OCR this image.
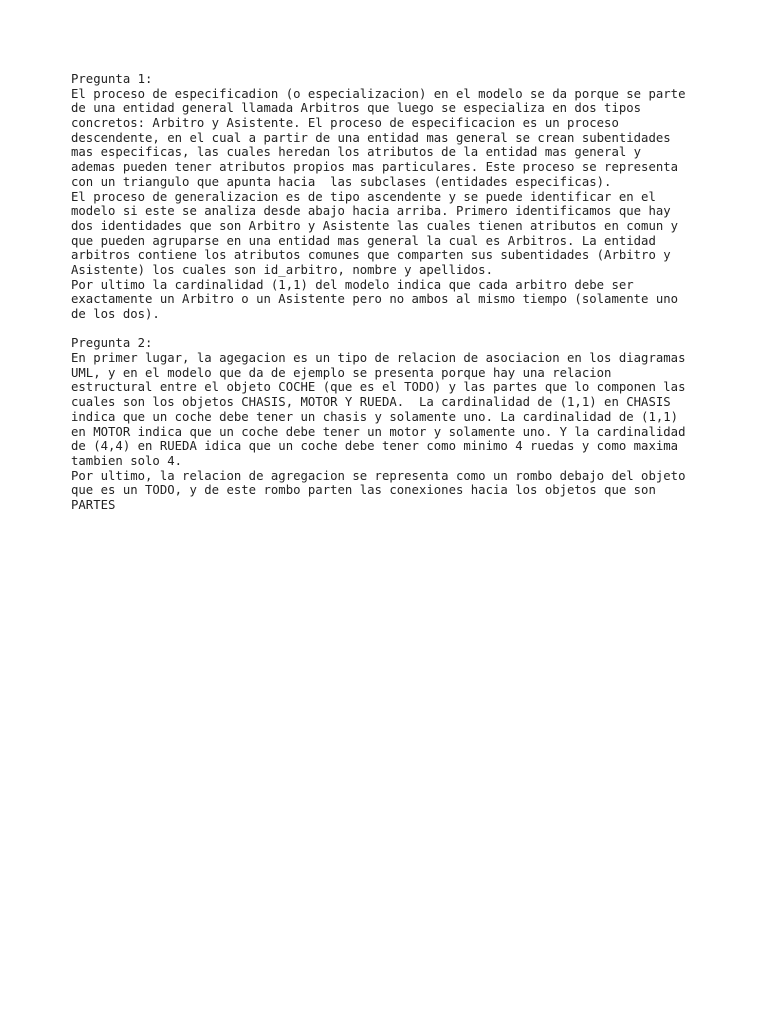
Pregunta 1:
El proceso de especificadion (o especializacion) en el modelo se da porque se parte
de una entidad general llamada Arbitros que luego se especializa en dos tipos
concretos: Arbitro y Asistente. El proceso de especificacion es un proceso
descendente, en el cual a partir de una entidad mas general se crean subentidades
mas especificas, las cuales heredan los atributos de la entidad mas general y
ademas pueden tener atributos propios mas particulares. Este proceso se representa
con un triangulo que apunta hacia  las subclases (entidades especificas).
El proceso de generalizacion es de tipo ascendente y se puede identificar en el
modelo si este se analiza desde abajo hacia arriba. Primero identificamos que hay
dos identidades que son Arbitro y Asistente las cuales tienen atributos en comun y
que pueden agruparse en una entidad mas general la cual es Arbitros. La entidad
arbitros contiene los atributos comunes que comparten sus subentidades (Arbitro y
Asistente) los cuales son id_arbitro, nombre y apellidos.
Por ultimo la cardinalidad (1,1) del modelo indica que cada arbitro debe ser
exactamente un Arbitro o un Asistente pero no ambos al mismo tiempo (solamente uno
de los dos).
Pregunta 2:
En primer lugar, la agegacion es un tipo de relacion de asociacion en los diagramas
UML, y en el modelo que da de ejemplo se presenta porque hay una relacion
estructural entre el objeto COCHE (que es el TODO) y las partes que lo componen las
cuales son los objetos CHASIS, MOTOR Y RUEDA.  La cardinalidad de (1,1) en CHASIS
indica que un coche debe tener un chasis y solamente uno. La cardinalidad de (1,1)
en MOTOR indica que un coche debe tener un motor y solamente uno. Y la cardinalidad
de (4,4) en RUEDA idica que un coche debe tener como minimo 4 ruedas y como maxima
tambien solo 4.
Por ultimo, la relacion de agregacion se representa como un rombo debajo del objeto
que es un TODO, y de este rombo parten las conexiones hacia los objetos que son
PARTES
